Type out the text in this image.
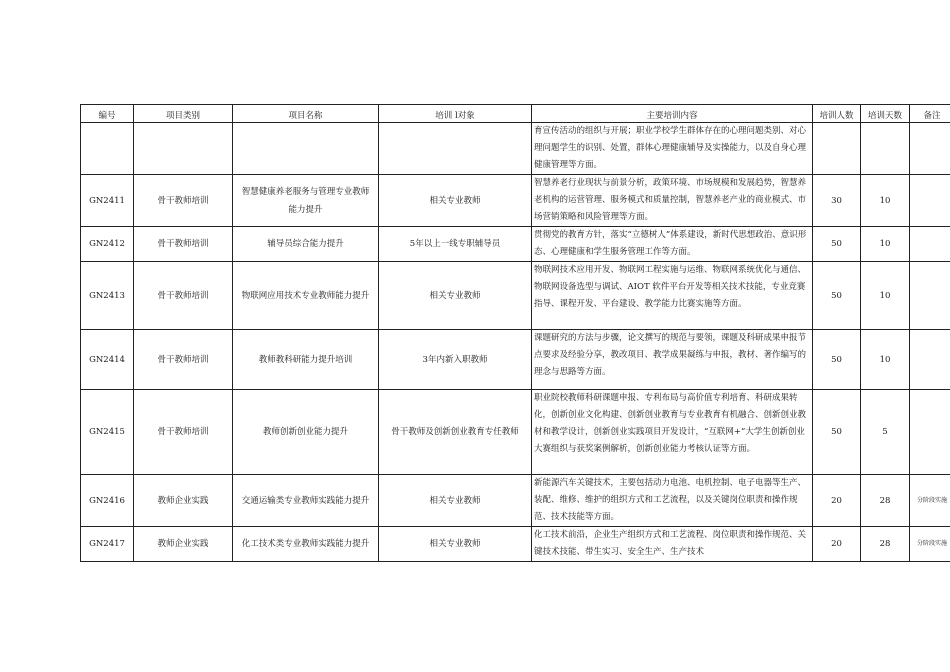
编号	项目类别	项目名称	培训 l对象	主要培训内容	培训人数	培训天数	备注
				育宣传活动的组织与开展；职业学校学生群体存在的心理问题类别、对心理问题学生的识别、处置，群体心理健康辅导及实操能力，以及自身心理健康管理等方面。			
GN2411	骨干教师培训	智慧健康养老服务与管理专业教师能力提升	相关专业教师	智慧养老行业现状与前景分析，政策环境、市场规模和发展趋势，智慧养老机构的运营管理、服务模式和质量控制，智慧养老产业的商业模式、市场营销策略和风险管理等方面。	30	10	
GN2412	骨干教师培训	辅导员综合能力提升	5年以上一线专职辅导员	贯彻党的教育方针，落实“立德树人”体系建设，新时代思想政治、意识形态、心理健康和学生服务管理工作等方面。	50	10	
GN2413	骨干教师培训	物联网应用技术专业教师能力提升	相关专业教师	物联网技术应用开发、物联网工程实施与运维、物联网系统优化与通信、物联网设备选型与调试、AIOT 软件平台开发等相关技术技能，专业竞赛指导、课程开发、平台建设、教学能力比赛实施等方面。	50	10	
GN2414	骨干教师培训	教师教科研能力提升培训	3年内新入职教师	课题研究的方法与步骤，论文撰写的规范与要领，课题及科研成果申报节点要求及经验分享，教改项目、教学成果凝练与申报，教材、著作编写的理念与思路等方面。	50	10	
GN2415	骨干教师培训	教师创新创业能力提升	骨干教师及创新创业教育专任教师	职业院校教师科研课题申报、专利布局与高价值专利培育、科研成果转化，创新创业文化构建、创新创业教育与专业教育有机融合、创新创业教材和教学设计，创新创业实践项目开发设计，“互联网+”大学生创新创业大赛组织与获奖案例解析，创新创业能力考核认证等方面。	50	5	
GN2416	教师企业实践	交通运输类专业教师实践能力提升	相关专业教师	新能源汽车关键技术，主要包括动力电池、电机控制、电子电器等生产、装配、维修、维护的组织方式和工艺流程，以及关键岗位职责和操作规范、技术技能等方面。	20	28	分阶段实施
GN2417	教师企业实践	化工技术类专业教师实践能力提升	相关专业教师	化工技术前沿，企业生产组织方式和工艺流程、岗位职责和操作规范、关键技术技能、带生实习、安全生产、生产技术	20	28	分阶段实施
